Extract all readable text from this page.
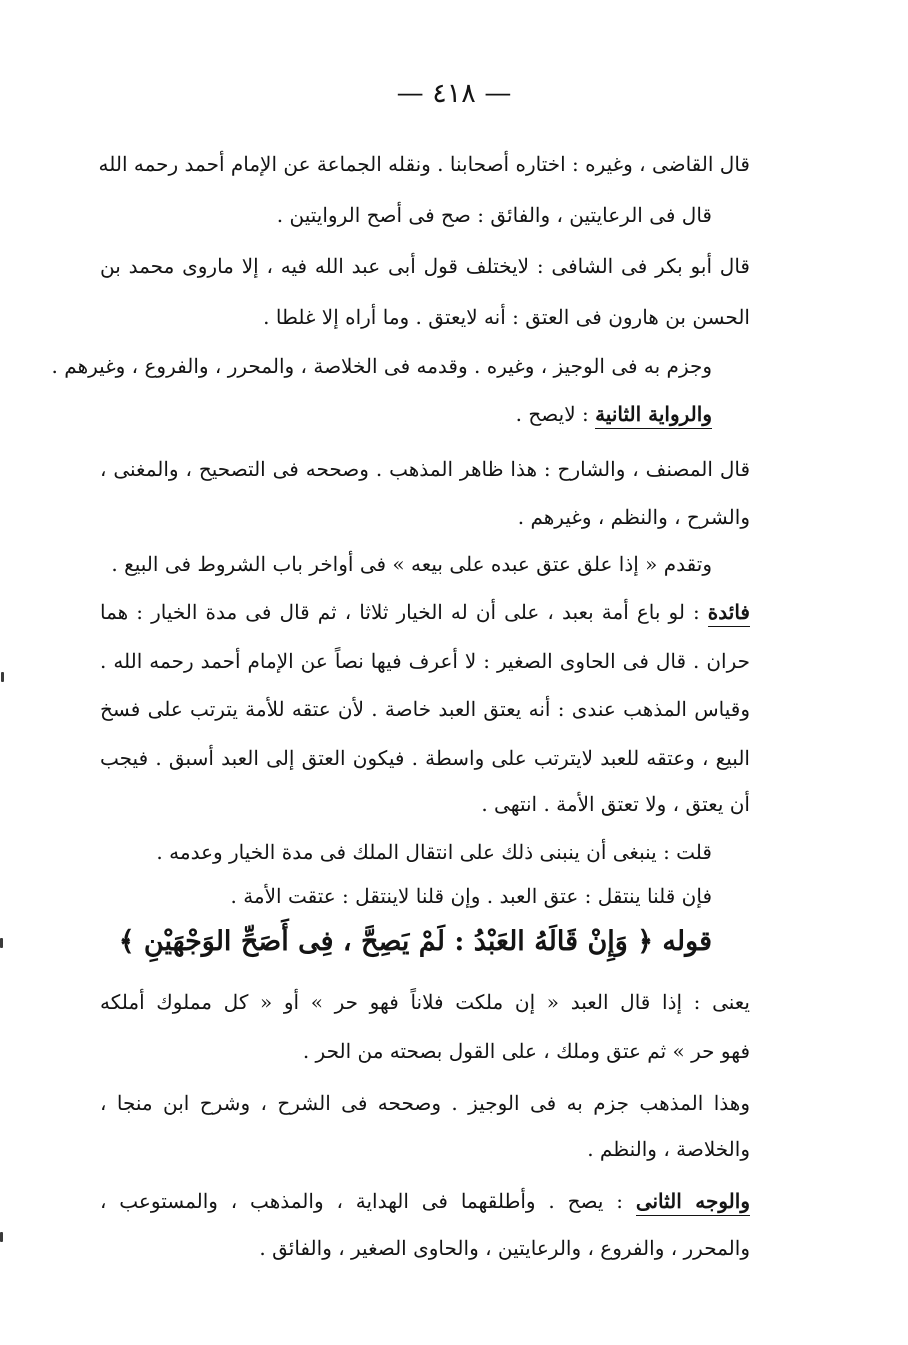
— ٤١٨ —
قال القاضى ، وغيره : اختاره أصحابنا . ونقله الجماعة عن الإمام أحمد رحمه الله
قال فى الرعايتين ، والفائق : صح فى أصح الروايتين .
قال أبو بكر فى الشافى : لايختلف قول أبى عبد الله فيه ، إلا ماروى محمد بن
الحسن بن هارون فى العتق : أنه لايعتق . وما أراه إلا غلطا .
وجزم به فى الوجيز ، وغيره . وقدمه فى الخلاصة ، والمحرر ، والفروع ، وغيرهم .
والرواية الثانية : لايصح .
قال المصنف ، والشارح : هذا ظاهر المذهب . وصححه فى التصحيح ، والمغنى ،
والشرح ، والنظم ، وغيرهم .
وتقدم « إذا علق عتق عبده على بيعه » فى أواخر باب الشروط فى البيع .
فائدة : لو باع أمة بعبد ، على أن له الخيار ثلاثا ، ثم قال فى مدة الخيار : هما
حران . قال فى الحاوى الصغير : لا أعرف فيها نصاً عن الإمام أحمد رحمه الله .
وقياس المذهب عندى : أنه يعتق العبد خاصة . لأن عتقه للأمة يترتب على فسخ
البيع ، وعتقه للعبد لايترتب على واسطة . فيكون العتق إلى العبد أسبق . فيجب
أن يعتق ، ولا تعتق الأمة . انتهى .
قلت : ينبغى أن ينبنى ذلك على انتقال الملك فى مدة الخيار وعدمه .
فإن قلنا ينتقل : عتق العبد . وإن قلنا لاينتقل : عتقت الأمة .
قوله ﴿ وَإِنْ قَالَهُ العَبْدُ : لَمْ يَصِحَّ ، فِى أَصَحِّ الوَجْهَيْنِ ﴾
يعنى : إذا قال العبد « إن ملكت فلاناً فهو حر » أو « كل مملوك أملكه
فهو حر » ثم عتق وملك ، على القول بصحته من الحر .
وهذا المذهب جزم به فى الوجيز . وصححه فى الشرح ، وشرح ابن منجا ،
والخلاصة ، والنظم .
والوجه الثانى : يصح . وأطلقهما فى الهداية ، والمذهب ، والمستوعب ،
والمحرر ، والفروع ، والرعايتين ، والحاوى الصغير ، والفائق .
